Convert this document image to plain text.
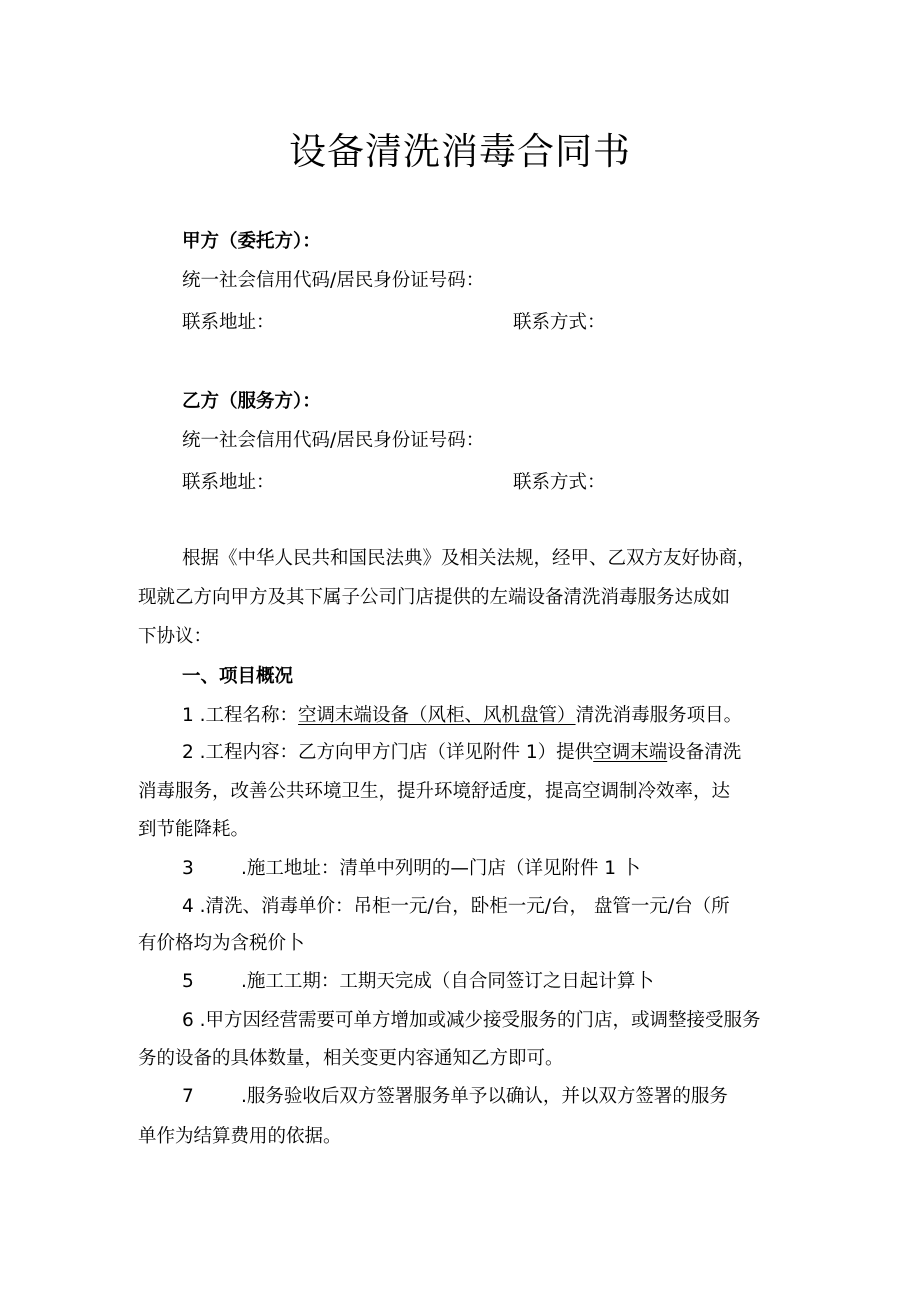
设备清洗消毒合同书
甲方（委托方）：
统一社会信用代码/居民身份证号码：
联系地址：	联系方式：
乙方（服务方）：
统一社会信用代码/居民身份证号码：
联系地址：	联系方式：
根据《中华人民共和国民法典》及相关法规，经甲、乙双方友好协商，
现就乙方向甲方及其下属子公司门店提供的左端设备清洗消毒服务达成如
下协议：
一、项目概况
1 .工程名称：空调末端设备（风柜、风机盘管）清洗消毒服务项目。
2 .工程内容：乙方向甲方门店（详见附件 1）提供空调末端设备清洗
消毒服务，改善公共环境卫生，提升环境舒适度，提高空调制冷效率，达
到节能降耗。
3	.施工地址：清单中列明的—门店（详见附件 1 卜
4 .清洗、消毒单价：吊柜一元/台，卧柜一元/台， 盘管一元/台（所
有价格均为含税价卜
5	.施工工期：工期天完成（自合同签订之日起计算卜
6 .甲方因经营需要可单方增加或减少接受服务的门店，或调整接受服务
务的设备的具体数量，相关变更内容通知乙方即可。
7	.服务验收后双方签署服务单予以确认，并以双方签署的服务
单作为结算费用的依据。
